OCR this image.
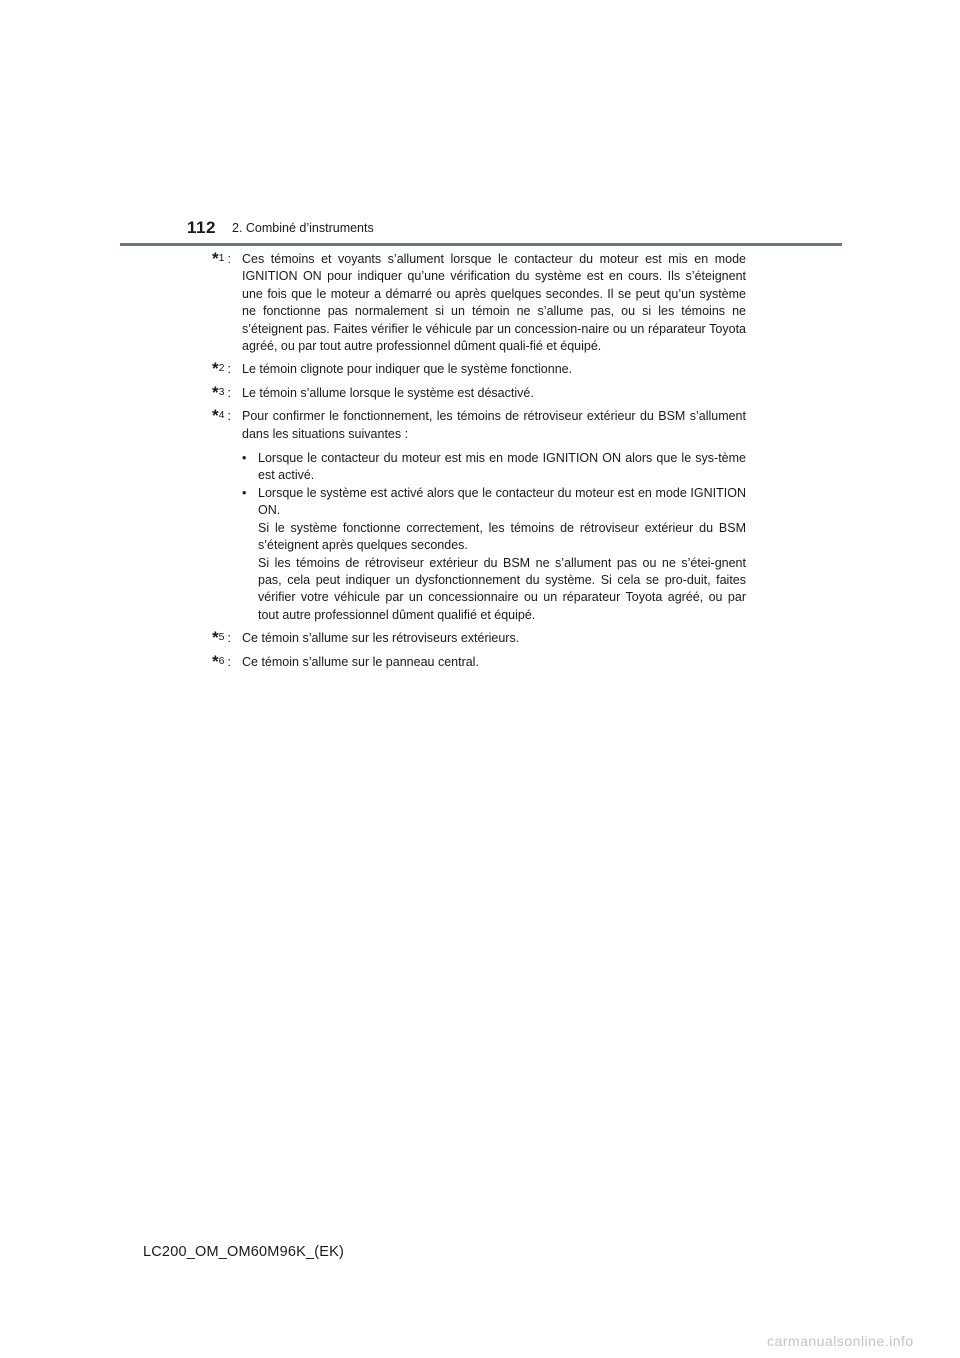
112 2. Combiné d’instruments
*$^1$ : Ces témoins et voyants s’allument lorsque le contacteur du moteur est mis en mode IGNITION ON pour indiquer qu’une vérification du système est en cours. Ils s’éteignent une fois que le moteur a démarré ou après quelques secondes. Il se peut qu’un système ne fonctionne pas normalement si un témoin ne s’allume pas, ou si les témoins ne s’éteignent pas. Faites vérifier le véhicule par un concession-naire ou un réparateur Toyota agréé, ou par tout autre professionnel dûment quali-fié et équipé.
*$^2$ : Le témoin clignote pour indiquer que le système fonctionne.
*$^3$ : Le témoin s’allume lorsque le système est désactivé.
*$^4$ : Pour confirmer le fonctionnement, les témoins de rétroviseur extérieur du BSM s’allument dans les situations suivantes :
• Lorsque le contacteur du moteur est mis en mode IGNITION ON alors que le sys-tème est activé.

• Lorsque le système est activé alors que le contacteur du moteur est en mode IGNITION ON.

Si le système fonctionne correctement, les témoins de rétroviseur extérieur du BSM s’éteignent après quelques secondes.

Si les témoins de rétroviseur extérieur du BSM ne s’allument pas ou ne s’étei-gnent pas, cela peut indiquer un dysfonctionnement du système. Si cela se pro-duit, faites vérifier votre véhicule par un concessionnaire ou un réparateur Toyota agréé, ou par tout autre professionnel dûment qualifié et équipé.

*$^5$ : Ce témoin s’allume sur les rétroviseurs extérieurs.
*$^6$ : Ce témoin s’allume sur le panneau central.
LC200_OM_OM60M96K_(EK)
carmanualsonline.info
